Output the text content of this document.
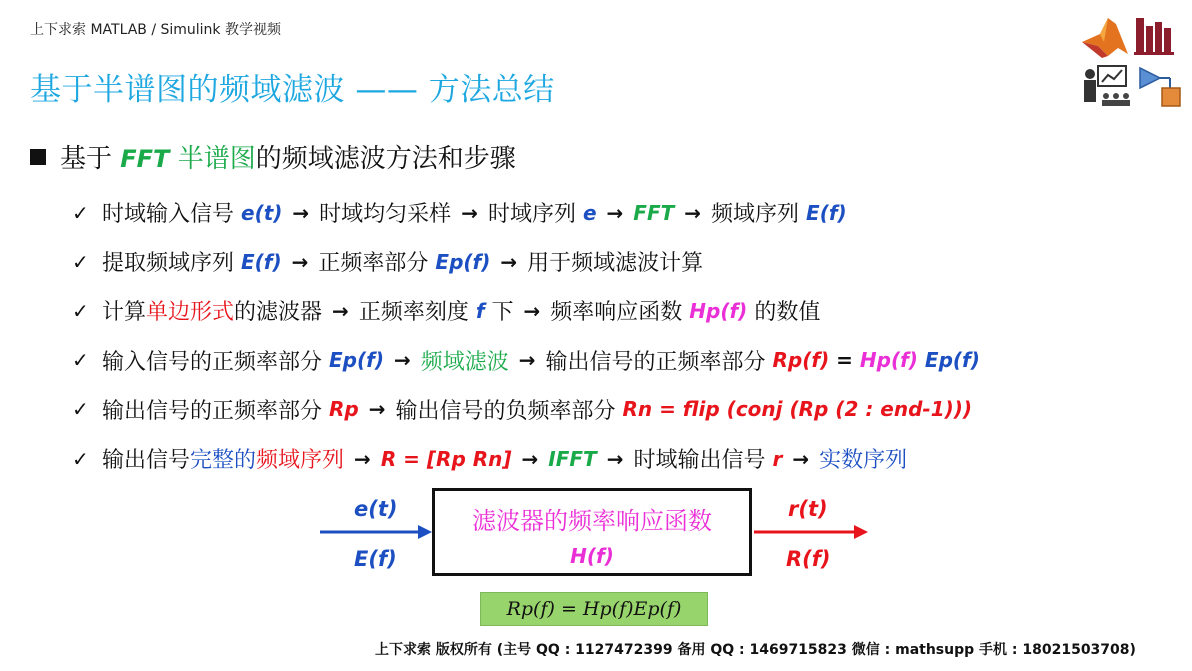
上下求索 MATLAB / Simulink 教学视频
基于半谱图的频域滤波 —— 方法总结
基于 FFT 半谱图的频域滤波方法和步骤
✓ 时域输入信号 e(t) → 时域均匀采样 → 时域序列 e → FFT → 频域序列 E(f)
✓ 提取频域序列 E(f) → 正频率部分 Ep(f) → 用于频域滤波计算
✓ 计算 单边形式 的滤波器 → 正频率刻度 f 下 → 频率响应函数 Hp(f) 的数值
✓ 输入信号的正频率部分 Ep(f) → 频域滤波 → 输出信号的正频率部分 Rp(f) = Hp(f) Ep(f)
✓ 输出信号的正频率部分 Rp → 输出信号的负频率部分 Rn = flip (conj (Rp (2 : end-1)))
✓ 输出信号 完整的 频域序列 → R = [Rp Rn] → IFFT → 时域输出信号 r → 实数序列
滤波器的频率响应函数
H(f)
e(t)
E(f)
r(t)
R(f)
Rp(f) = Hp(f)Ep(f)
上下求索 版权所有 (主号 QQ : 1127472399 备用 QQ : 1469715823 微信 : mathsupp 手机 : 18021503708)
